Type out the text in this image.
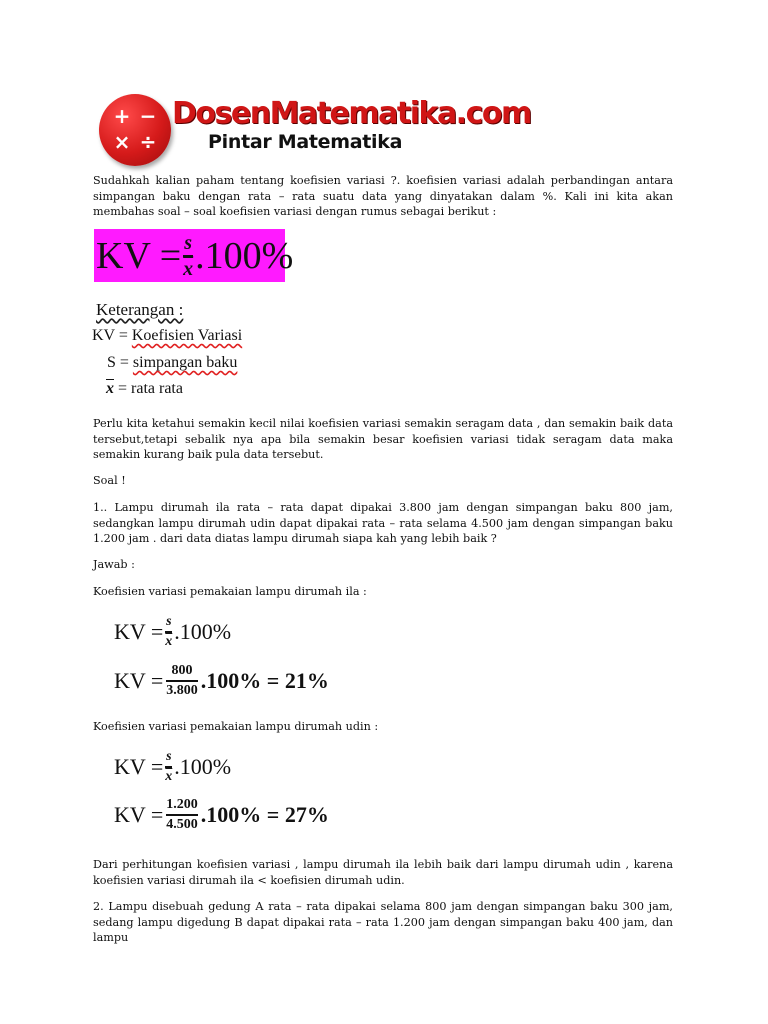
+ −
× ÷
DosenMatematika.com
Pintar Matematika
Sudahkah kalian paham tentang koefisien variasi ?. koefisien variasi adalah perbandingan antara simpangan baku dengan rata – rata suatu data yang dinyatakan dalam %. Kali ini kita akan membahas soal – soal koefisien variasi dengan rumus sebagai berikut :
KV = $\frac{s}{x} .100\%$
Keterangan :
KV = Koefisien Variasi
S = simpangan baku
$\overline{x}$ = rata rata
Perlu kita ketahui semakin kecil nilai koefisien variasi semakin seragam data , dan semakin baik data tersebut,tetapi sebalik nya apa bila semakin besar koefisien variasi tidak seragam data maka semakin kurang baik pula data tersebut.
Soal !
1.. Lampu dirumah ila rata – rata dapat dipakai 3.800 jam dengan simpangan baku 800 jam, sedangkan lampu dirumah udin dapat dipakai rata – rata selama 4.500 jam dengan simpangan baku 1.200 jam . dari data diatas lampu dirumah siapa kah yang lebih baik ?
Jawab :
Koefisien variasi pemakaian lampu dirumah ila :
KV = $\frac{s}{x} .100\%$
KV = $\frac{800}{3.800} .100\% = 21\%$
Koefisien variasi pemakaian lampu dirumah udin :
KV = $\frac{s}{x} .100\%$
KV = $\frac{1.200}{4.500} .100\% = 27\%$
Dari perhitungan koefisien variasi , lampu dirumah ila lebih baik dari lampu dirumah udin , karena koefisien variasi dirumah ila < koefisien dirumah udin.
2. Lampu disebuah gedung A rata – rata dipakai selama 800 jam dengan simpangan baku 300 jam, sedang lampu digedung B dapat dipakai rata – rata 1.200 jam dengan simpangan baku 400 jam, dan lampu
